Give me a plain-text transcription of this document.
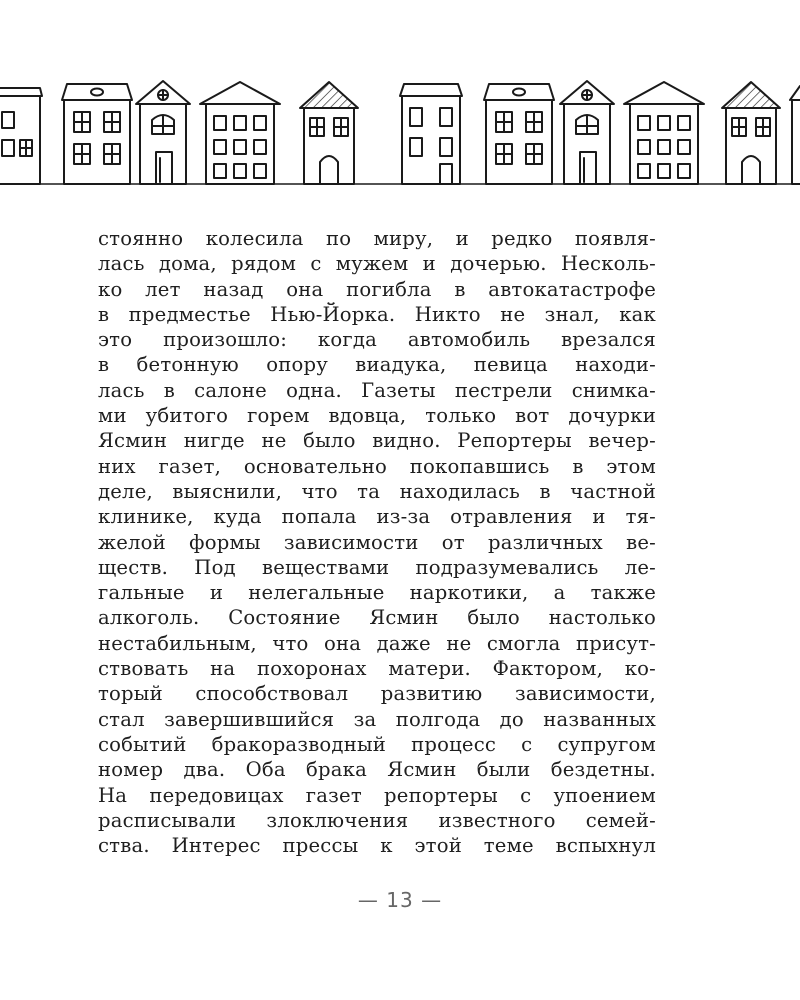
стоянно колесила по миру, и редко появля-
лась дома, рядом с мужем и дочерью. Несколь-
ко лет назад она погибла в автокатастрофе
в предместье Нью-Йорка. Никто не знал, как
это произошло: когда автомобиль врезался
в бетонную опору виадука, певица находи-
лась в салоне одна. Газеты пестрели снимка-
ми убитого горем вдовца, только вот дочурки
Ясмин нигде не было видно. Репортеры вечер-
них газет, основательно покопавшись в этом
деле, выяснили, что та находилась в частной
клинике, куда попала из-за отравления и тя-
желой формы зависимости от различных ве-
ществ. Под веществами подразумевались ле-
гальные и нелегальные наркотики, а также
алкоголь. Состояние Ясмин было настолько
нестабильным, что она даже не смогла присут-
ствовать на похоронах матери. Фактором, ко-
торый способствовал развитию зависимости,
стал завершившийся за полгода до названных
событий бракоразводный процесс с супругом
номер два. Оба брака Ясмин были бездетны.
На передовицах газет репортеры с упоением
расписывали злоключения известного семей-
ства. Интерес прессы к этой теме вспыхнул
— 13 —
